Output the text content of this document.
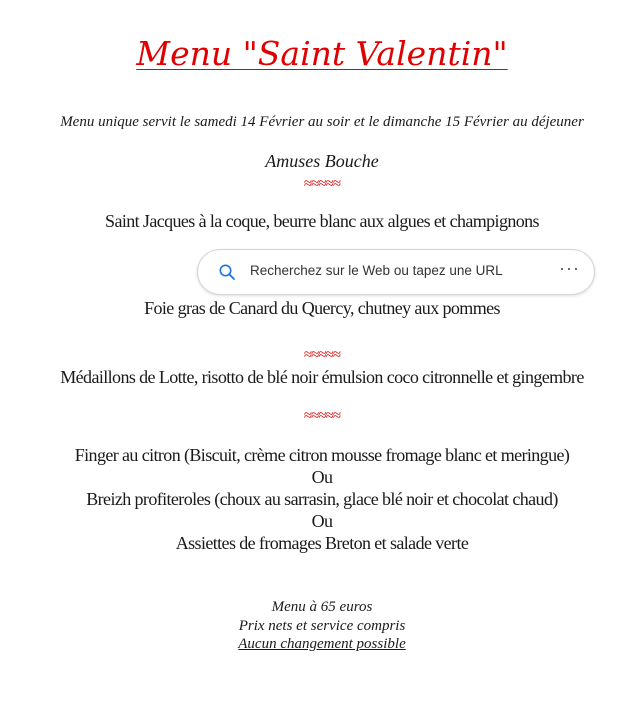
Menu "Saint Valentin"
Menu unique servit le samedi 14 Février au soir et le dimanche 15 Février au déjeuner
Amuses Bouche
≈≈≈≈≈
Saint Jacques à la coque, beurre blanc aux algues et champignons
Recherchez sur le Web ou tapez une URL	···
Foie gras de Canard du Quercy, chutney aux pommes
≈≈≈≈≈
Médaillons de Lotte, risotto de blé noir émulsion coco citronnelle et gingembre
≈≈≈≈≈
Finger au citron (Biscuit, crème citron mousse fromage blanc et meringue)
Ou
Breizh profiteroles (choux au sarrasin, glace blé noir et chocolat chaud)
Ou
Assiettes de fromages Breton et salade verte
Menu à 65 euros
Prix nets et service compris
Aucun changement possible
